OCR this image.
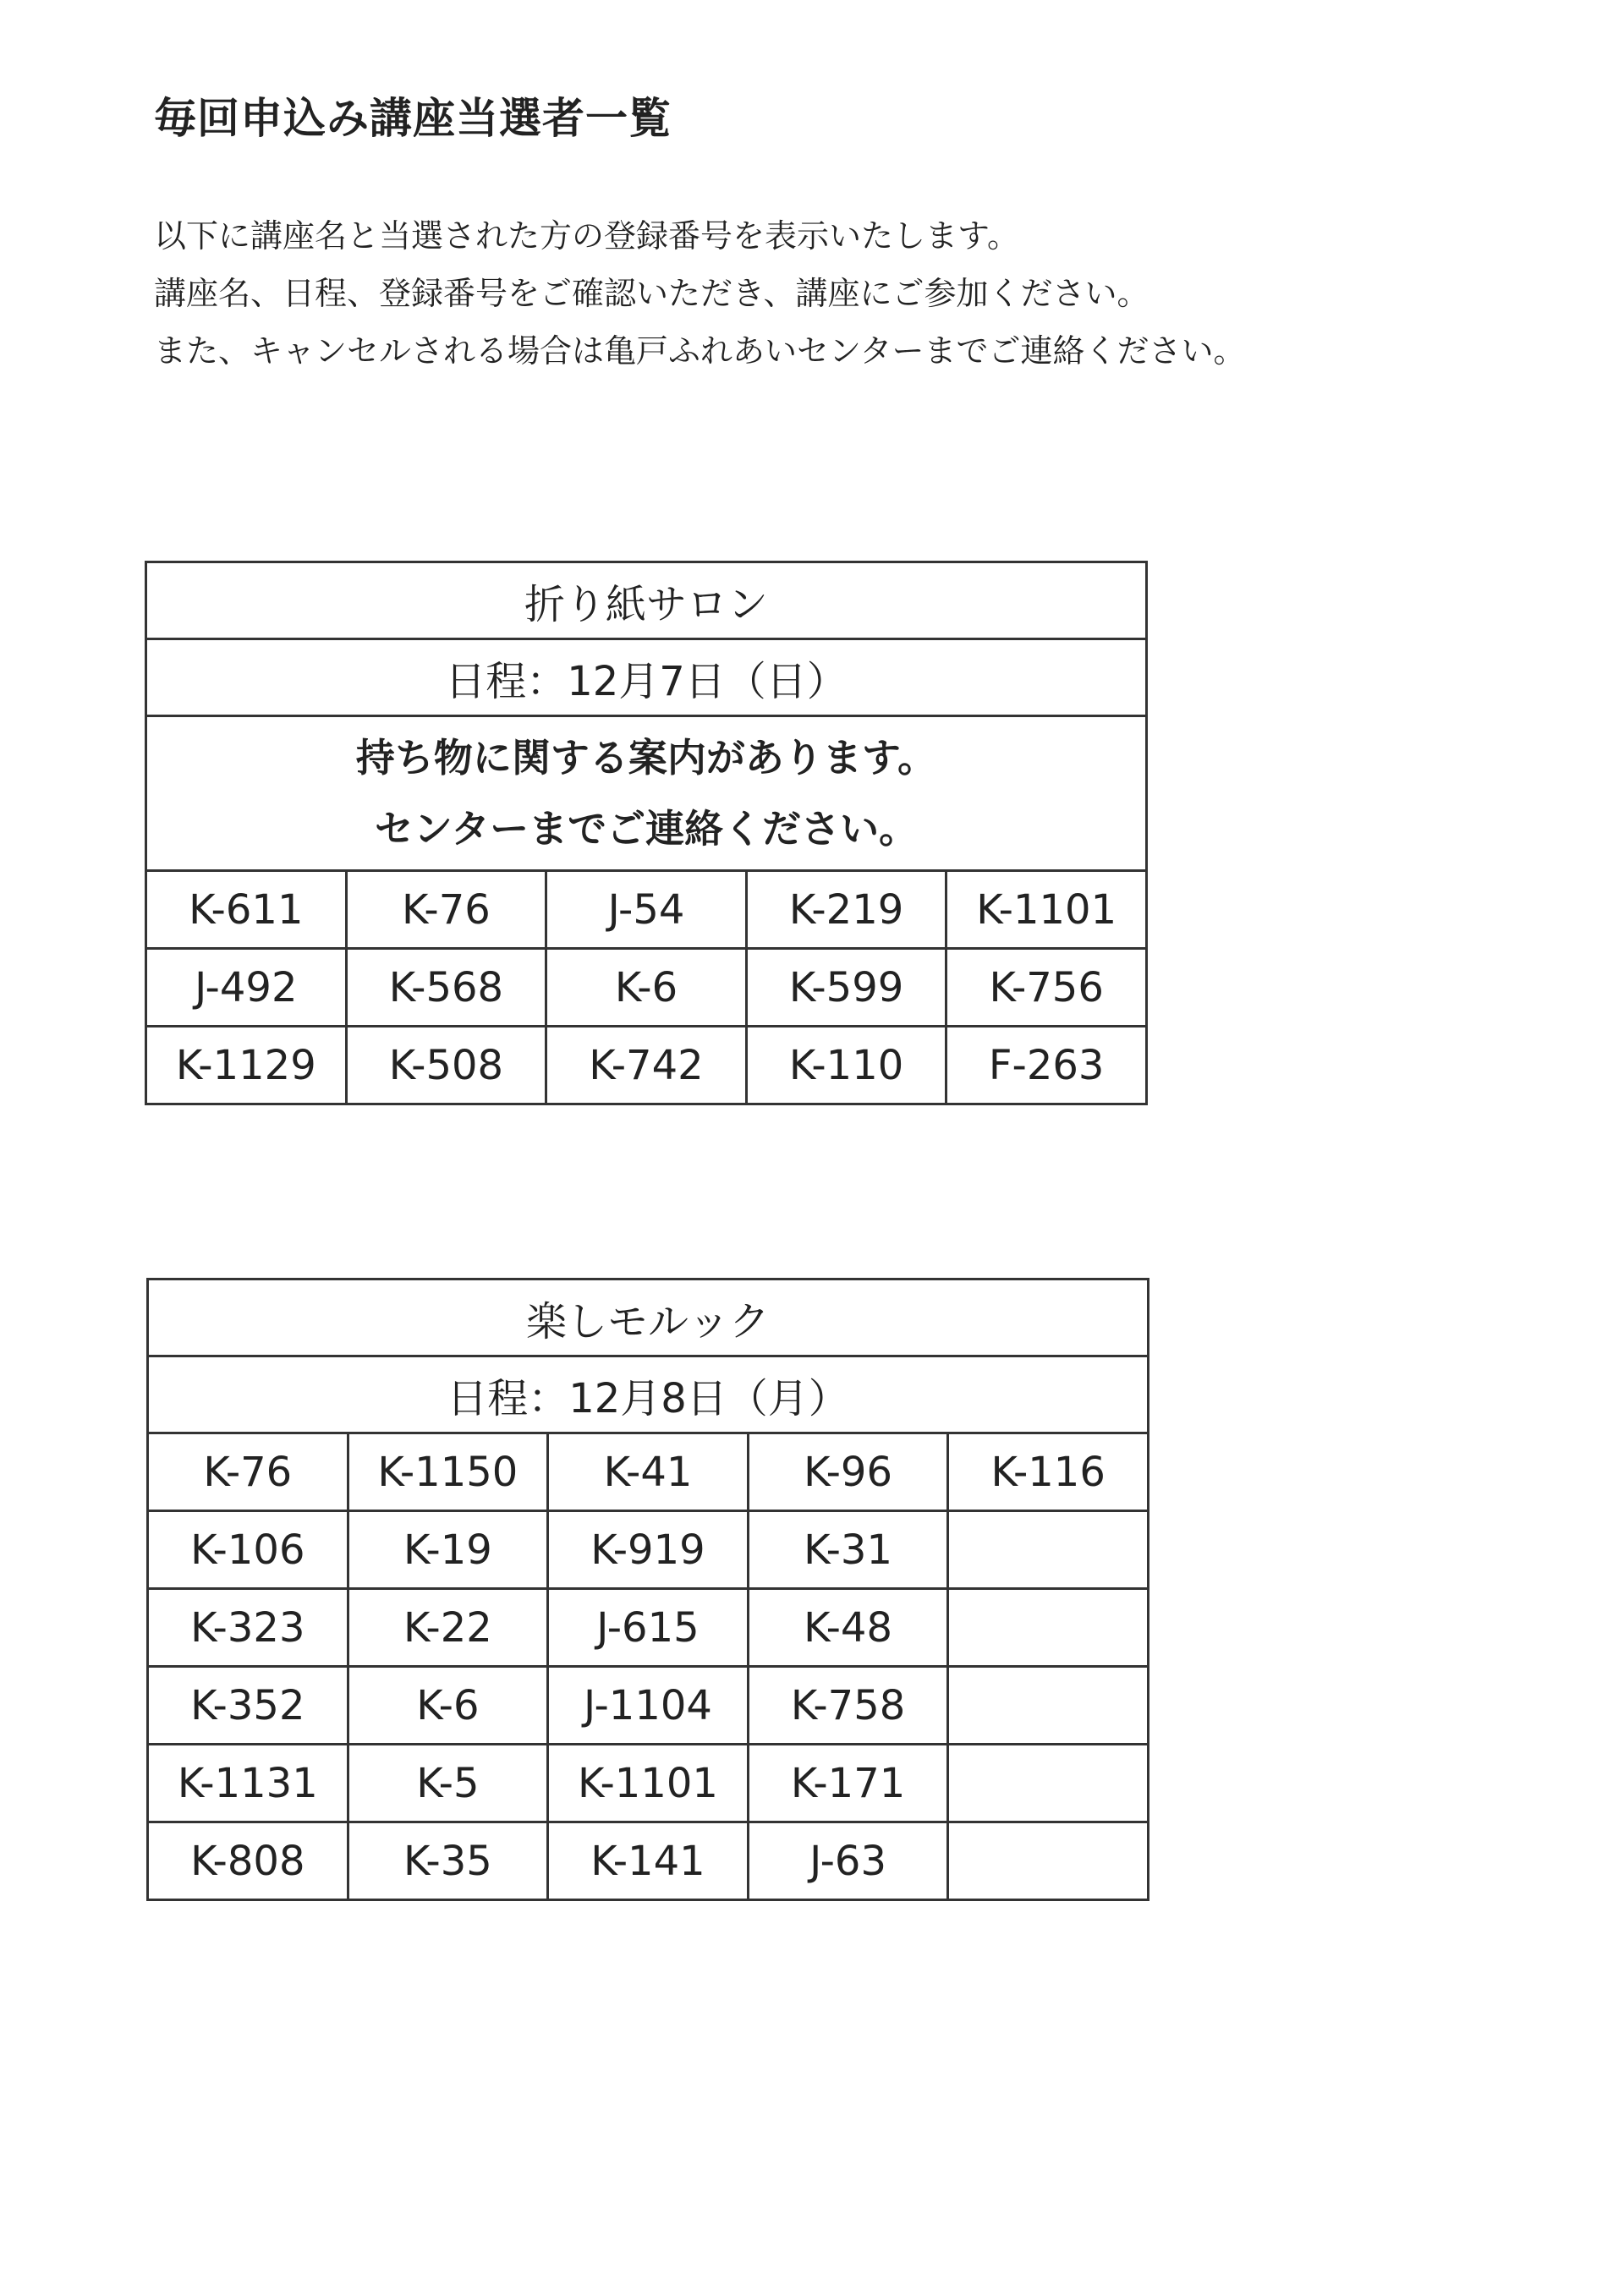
毎回申込み講座当選者一覧

以下に講座名と当選された方の登録番号を表示いたします。

講座名、日程、登録番号をご確認いただき、講座にご参加ください。

また、キャンセルされる場合は亀戸ふれあいセンターまでご連絡ください。

折り紙サロン				
日程：12月7日（日）				

持ち物に関する案内があります。
センターまでご連絡ください。				

K-611	K-76	J-54	K-219	K-1101
J-492	K-568	K-6	K-599	K-756
K-1129	K-508	K-742	K-110	F-263
楽しモルック				
日程：12月8日（月）				
K-76	K-1150	K-41	K-96	K-116
K-106	K-19	K-919	K-31	
K-323	K-22	J-615	K-48	
K-352	K-6	J-1104	K-758	
K-1131	K-5	K-1101	K-171	
K-808	K-35	K-141	J-63	
